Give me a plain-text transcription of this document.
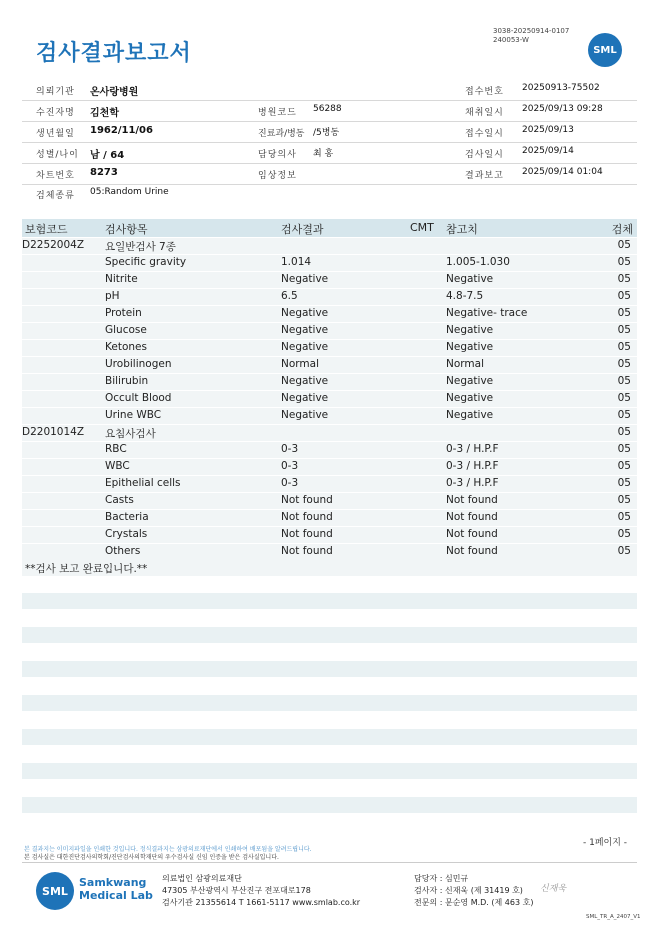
3038-20250914-0107
240053-W
검사결과보고서	SML
의뢰기관 온사랑병원	접수번호 20250913-75502
수진자명 김천학	병원코드 56288	채취일시 2025/09/13 09:28
생년월일 1962/11/06	진료과/병동 /5병동	접수일시 2025/09/13
성별/나이 남 / 64	담당의사 최 홍	검사일시 2025/09/14
차트번호 8273	임상정보	결과보고 2025/09/14 01:04
검체종류 05:Random Urine
보험코드	검사항목	검사결과	CMT 참고치	검체
D2252004Z 요일반검사 7종	05
Specific gravity	1.014	1.005-1.030	05
Nitrite	Negative	Negative	05
pH	6.5	4.8-7.5	05
Protein	Negative	Negative- trace	05
Glucose	Negative	Negative	05
Ketones	Negative	Negative	05
Urobilinogen	Normal	Normal	05
Bilirubin	Negative	Negative	05
Occult Blood	Negative	Negative	05
Urine WBC	Negative	Negative	05
D2201014Z 요침사검사	05
RBC	0-3	0-3 / H.P.F	05
WBC	0-3	0-3 / H.P.F	05
Epithelial cells	0-3	0-3 / H.P.F	05
Casts	Not found	Not found	05
Bacteria	Not found	Not found	05
Crystals	Not found	Not found	05
Others	Not found	Not found	05
**검사 보고 완료입니다.**
- 1페이지 -
본 결과지는 이미지파일을 인쇄한 것입니다. 정식결과지는 삼광의료재단에서 인쇄하여 배포됨을 알려드립니다.
본 검사실은 대한진단검사의학회/진단검사의학재단의 우수검사실 신임 인증을 받은 검사실입니다.
SML
Samkwang
Medical Lab
의료법인 삼광의료재단
47305 부산광역시 부산진구 전포대로178
검사기관 21355614 T 1661-5117 www.smlab.co.kr
담당자 : 심민규
검사자 : 신재욱 (제 31419 호)
전문의 : 문순영 M.D. (제 463 호)
신재욱
SML_TR_A_2407_V1
